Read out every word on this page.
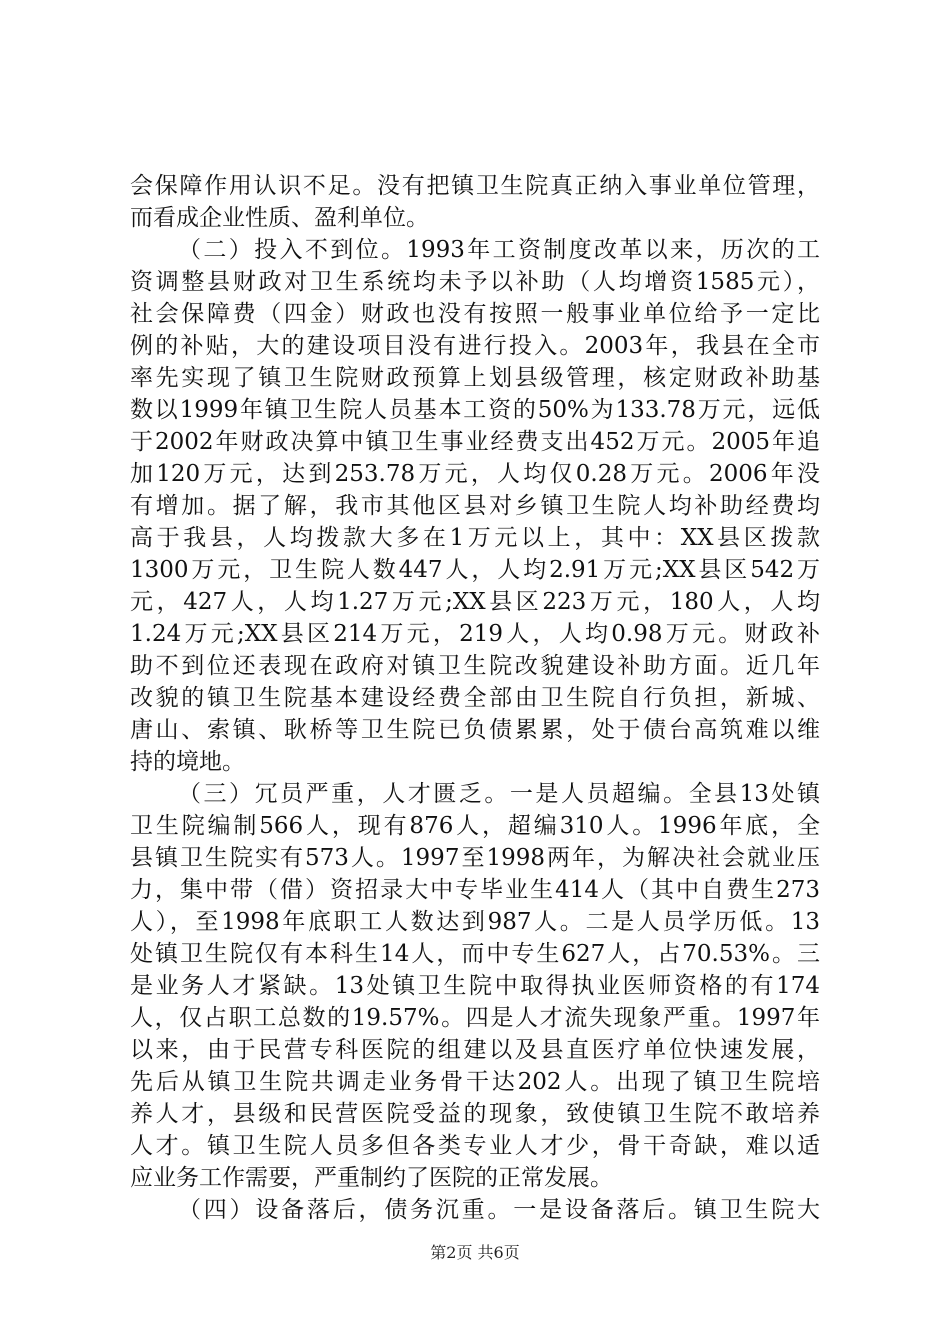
会保障作用认识不足。没有把镇卫生院真正纳入事业单位管理，
而看成企业性质、盈利单位。
（二）投入不到位。1993年工资制度改革以来，历次的工
资调整县财政对卫生系统均未予以补助（人均增资1585元），
社会保障费（四金）财政也没有按照一般事业单位给予一定比
例的补贴，大的建设项目没有进行投入。2003年，我县在全市
率先实现了镇卫生院财政预算上划县级管理，核定财政补助基
数以1999年镇卫生院人员基本工资的50%为133.78万元，远低
于2002年财政决算中镇卫生事业经费支出452万元。2005年追
加120万元，达到253.78万元，人均仅0.28万元。2006年没
有增加。据了解，我市其他区县对乡镇卫生院人均补助经费均
高于我县，人均拨款大多在1万元以上，其中：XX县区拨款
1300万元，卫生院人数447人，人均2.91万元;XX县区542万
元，427人，人均1.27万元;XX县区223万元，180人，人均
1.24万元;XX县区214万元，219人，人均0.98万元。财政补
助不到位还表现在政府对镇卫生院改貌建设补助方面。近几年
改貌的镇卫生院基本建设经费全部由卫生院自行负担，新城、
唐山、索镇、耿桥等卫生院已负债累累，处于债台高筑难以维
持的境地。
（三）冗员严重，人才匮乏。一是人员超编。全县13处镇
卫生院编制566人，现有876人，超编310人。1996年底，全
县镇卫生院实有573人。1997至1998两年，为解决社会就业压
力，集中带（借）资招录大中专毕业生414人（其中自费生273
人），至1998年底职工人数达到987人。二是人员学历低。13
处镇卫生院仅有本科生14人，而中专生627人，占70.53%。三
是业务人才紧缺。13处镇卫生院中取得执业医师资格的有174
人，仅占职工总数的19.57%。四是人才流失现象严重。1997年
以来，由于民营专科医院的组建以及县直医疗单位快速发展，
先后从镇卫生院共调走业务骨干达202人。出现了镇卫生院培
养人才，县级和民营医院受益的现象，致使镇卫生院不敢培养
人才。镇卫生院人员多但各类专业人才少，骨干奇缺，难以适
应业务工作需要，严重制约了医院的正常发展。
（四）设备落后，债务沉重。一是设备落后。镇卫生院大
第2页 共6页
